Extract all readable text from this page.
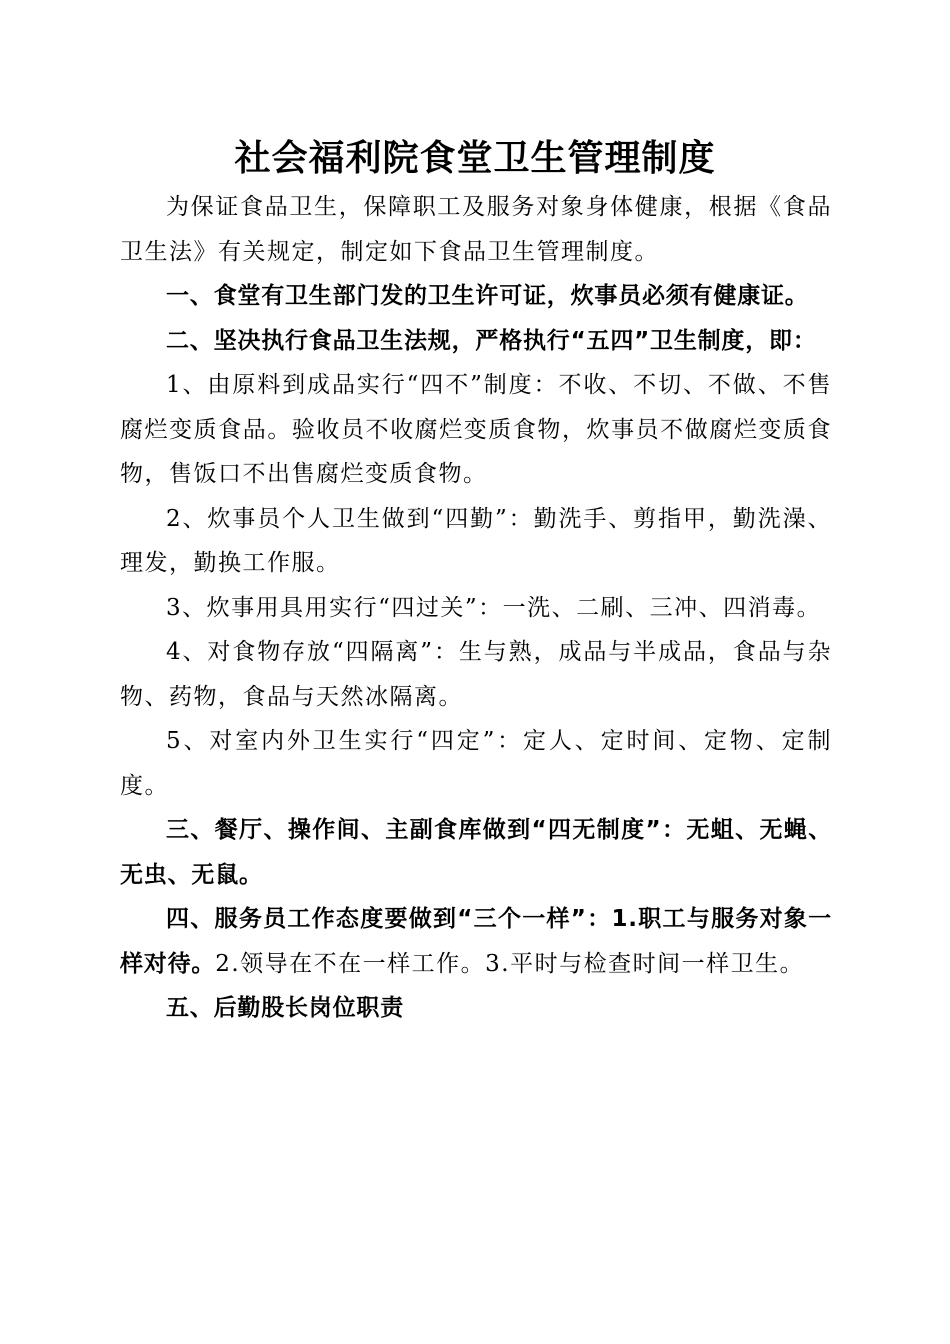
社会福利院食堂卫生管理制度

为保证食品卫生，保障职工及服务对象身体健康，根据《食品卫生法》有关规定，制定如下食品卫生管理制度。

一、食堂有卫生部门发的卫生许可证，炊事员必须有健康证。

二、坚决执行食品卫生法规，严格执行“五四”卫生制度，即：

1、由原料到成品实行“四不”制度：不收、不切、不做、不售腐烂变质食品。验收员不收腐烂变质食物，炊事员不做腐烂变质食物，售饭口不出售腐烂变质食物。

2、炊事员个人卫生做到“四勤”：勤洗手、剪指甲，勤洗澡、理发，勤换工作服。

3、炊事用具用实行“四过关”：一洗、二刷、三冲、四消毒。

4、对食物存放“四隔离”：生与熟，成品与半成品，食品与杂物、药物，食品与天然冰隔离。

5、对室内外卫生实行“四定”：定人、定时间、定物、定制度。

三、餐厅、操作间、主副食库做到“四无制度”：无蛆、无蝇、无虫、无鼠。

四、服务员工作态度要做到“三个一样”：1.职工与服务对象一样对待。2.领导在不在一样工作。3.平时与检查时间一样卫生。

五、后勤股长岗位职责
